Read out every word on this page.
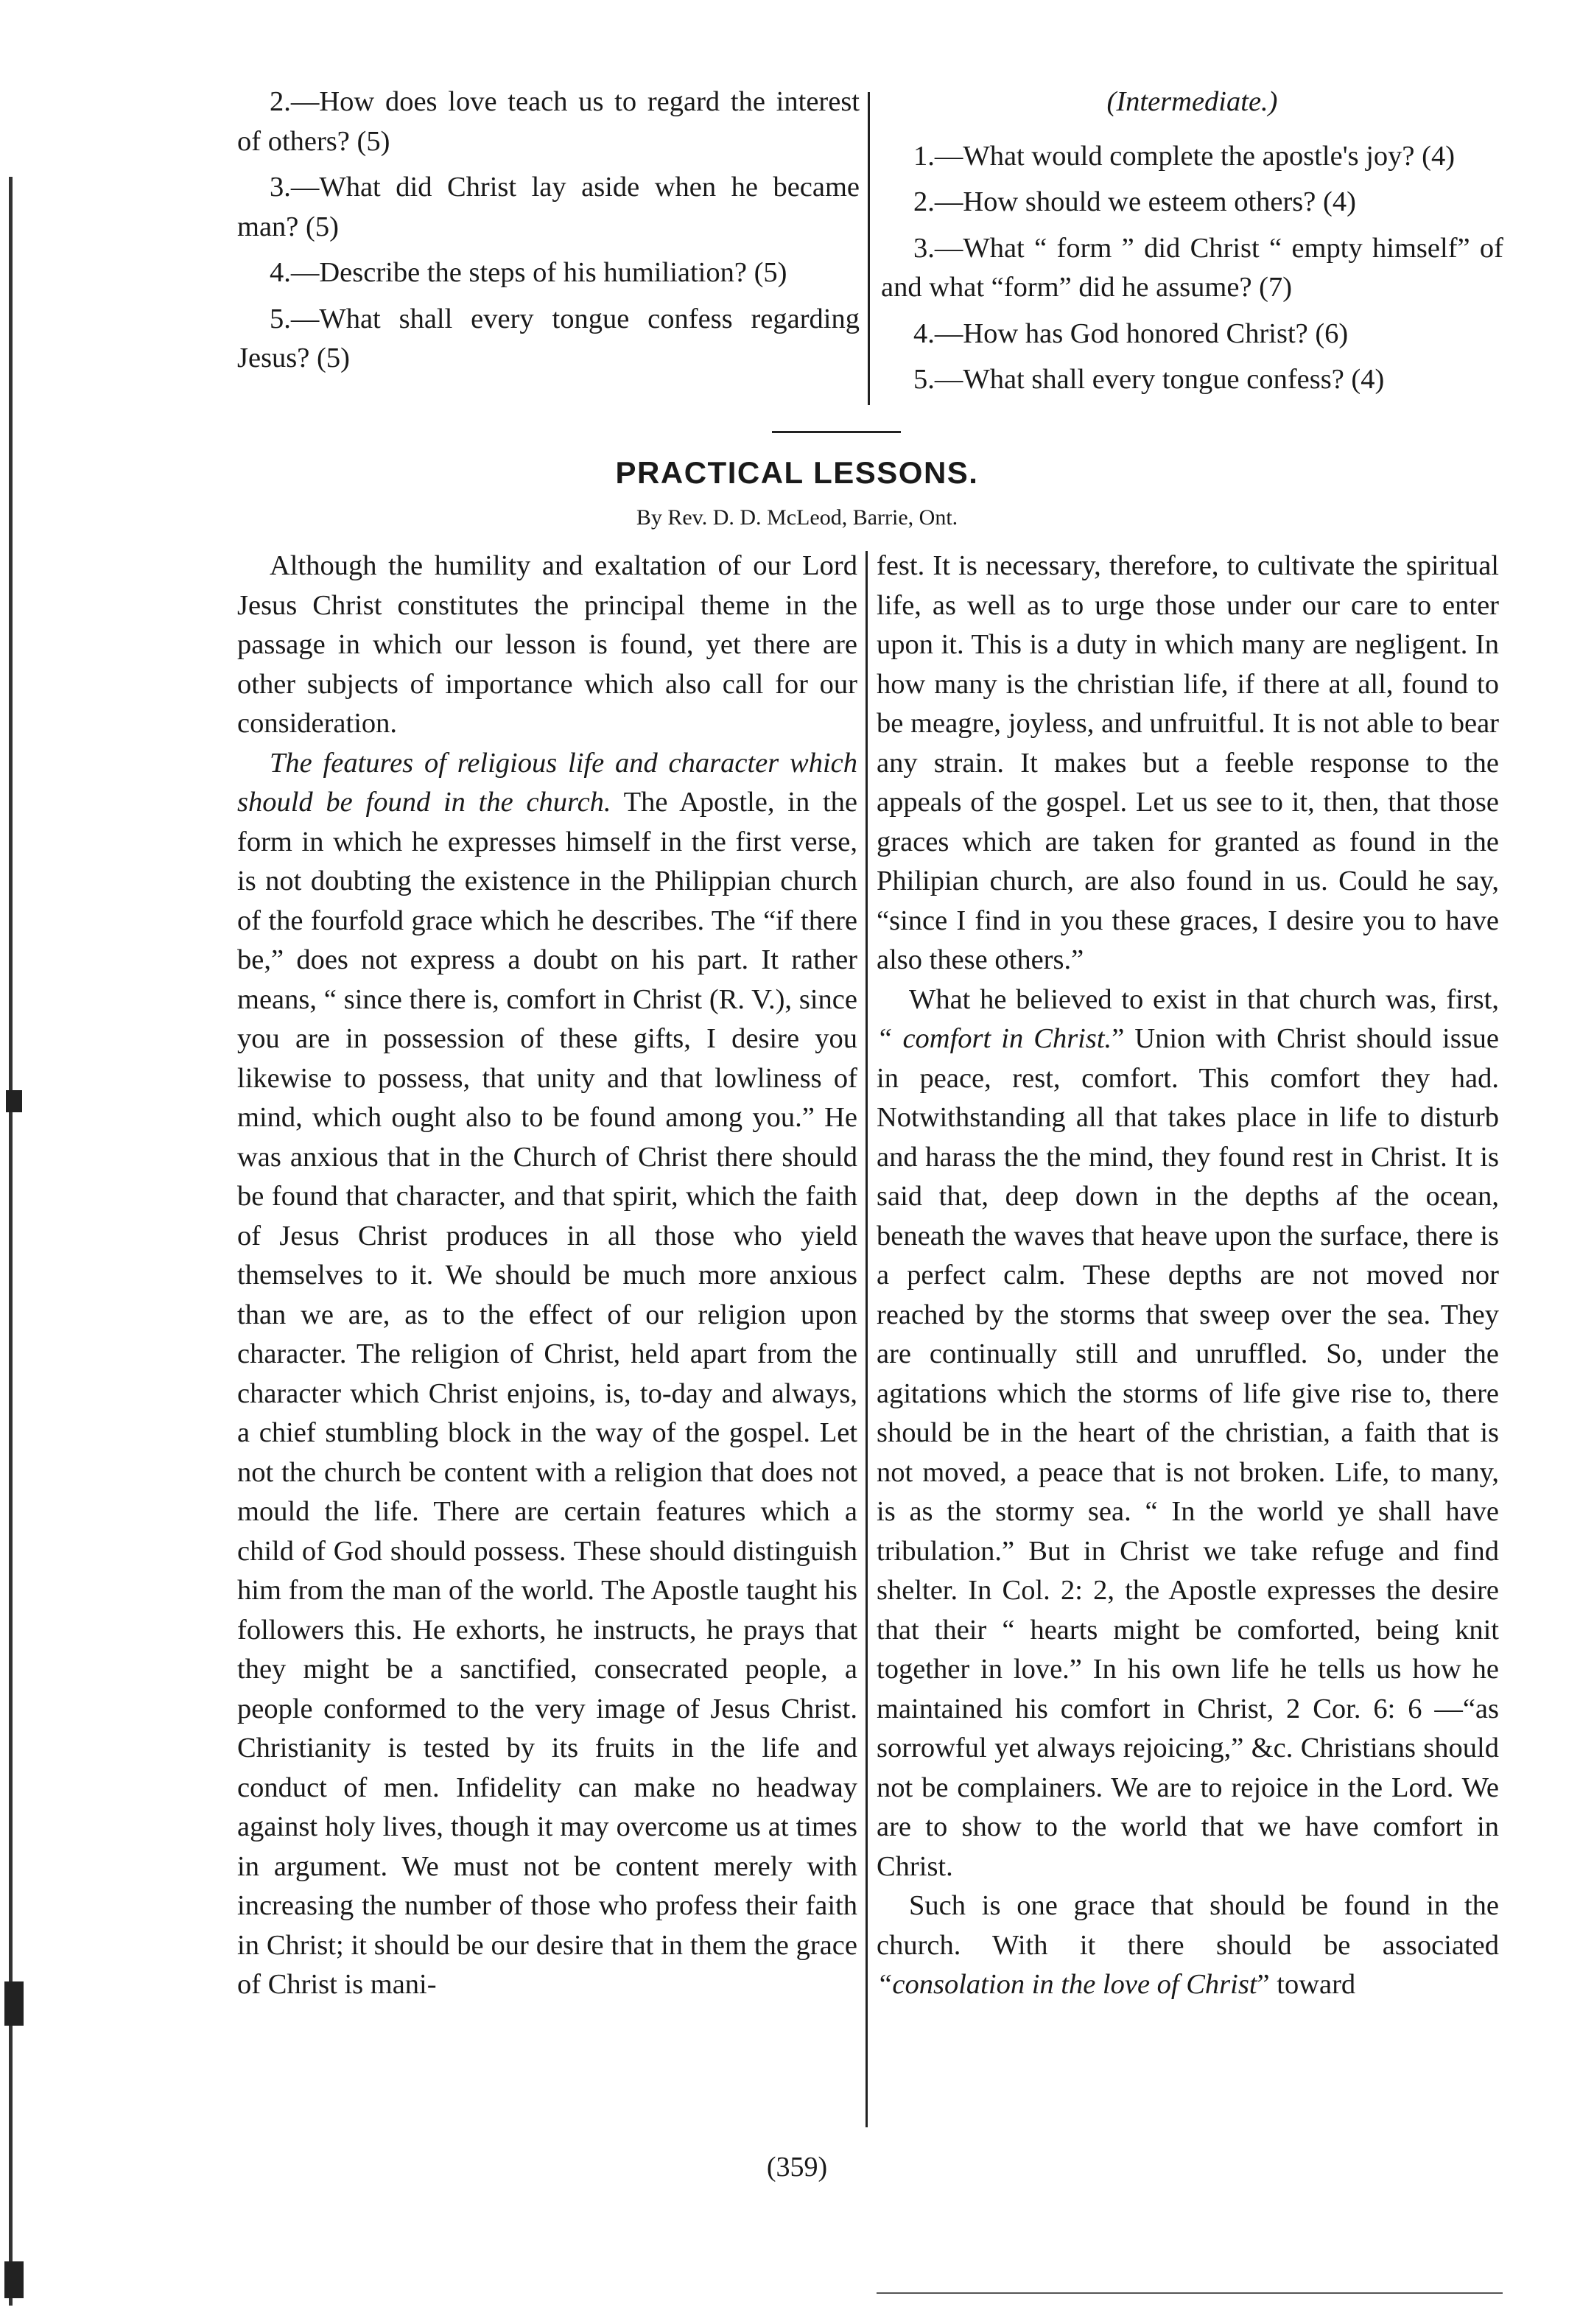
2.—How does love teach us to regard the interest of others? (5)

3.—What did Christ lay aside when he became man? (5)

4.—Describe the steps of his humiliation? (5)

5.—What shall every tongue confess regarding Jesus? (5)

(Intermediate.)

1.—What would complete the apostle's joy? (4)

2.—How should we esteem others? (4)

3.—What “ form ” did Christ “ empty himself” of and what “form” did he assume? (7)

4.—How has God honored Christ? (6)

5.—What shall every tongue confess? (4)

PRACTICAL LESSONS.
By Rev. D. D. McLeod, Barrie, Ont.

Although the humility and exaltation of our Lord Jesus Christ constitutes the principal theme in the passage in which our lesson is found, yet there are other subjects of importance which also call for our consideration.

The features of religious life and character which should be found in the church. The Apostle, in the form in which he expresses himself in the first verse, is not doubting the existence in the Philippian church of the fourfold grace which he describes. The “if there be,” does not express a doubt on his part. It rather means, “ since there is, comfort in Christ (R. V.), since you are in possession of these gifts, I desire you likewise to possess, that unity and that lowliness of mind, which ought also to be found among you.” He was anxious that in the Church of Christ there should be found that character, and that spirit, which the faith of Jesus Christ produces in all those who yield themselves to it. We should be much more anxious than we are, as to the effect of our religion upon character. The religion of Christ, held apart from the character which Christ enjoins, is, to-day and always, a chief stumbling block in the way of the gospel. Let not the church be content with a religion that does not mould the life. There are certain features which a child of God should possess. These should distinguish him from the man of the world. The Apostle taught his followers this. He exhorts, he instructs, he prays that they might be a sanctified, consecrated people, a people conformed to the very image of Jesus Christ. Christianity is tested by its fruits in the life and conduct of men. Infidelity can make no headway against holy lives, though it may overcome us at times in argument. We must not be content merely with increasing the number of those who profess their faith in Christ; it should be our desire that in them the grace of Christ is mani-

fest. It is necessary, therefore, to cultivate the spiritual life, as well as to urge those under our care to enter upon it. This is a duty in which many are negligent. In how many is the christian life, if there at all, found to be meagre, joyless, and unfruitful. It is not able to bear any strain. It makes but a feeble response to the appeals of the gospel. Let us see to it, then, that those graces which are taken for granted as found in the Philipian church, are also found in us. Could he say, “since I find in you these graces, I desire you to have also these others.”

What he believed to exist in that church was, first, “ comfort in Christ.” Union with Christ should issue in peace, rest, comfort. This comfort they had. Notwithstanding all that takes place in life to disturb and harass the the mind, they found rest in Christ. It is said that, deep down in the depths af the ocean, beneath the waves that heave upon the surface, there is a perfect calm. These depths are not moved nor reached by the storms that sweep over the sea. They are continually still and unruffled. So, under the agitations which the storms of life give rise to, there should be in the heart of the christian, a faith that is not moved, a peace that is not broken. Life, to many, is as the stormy sea. “ In the world ye shall have tribulation.” But in Christ we take refuge and find shelter. In Col. 2: 2, the Apostle expresses the desire that their “ hearts might be comforted, being knit together in love.” In his own life he tells us how he maintained his comfort in Christ, 2 Cor. 6: 6 —“as sorrowful yet always rejoicing,” &c. Christians should not be complainers. We are to rejoice in the Lord. We are to show to the world that we have comfort in Christ.

Such is one grace that should be found in the church. With it there should be associated “consolation in the love of Christ” toward

(359)
